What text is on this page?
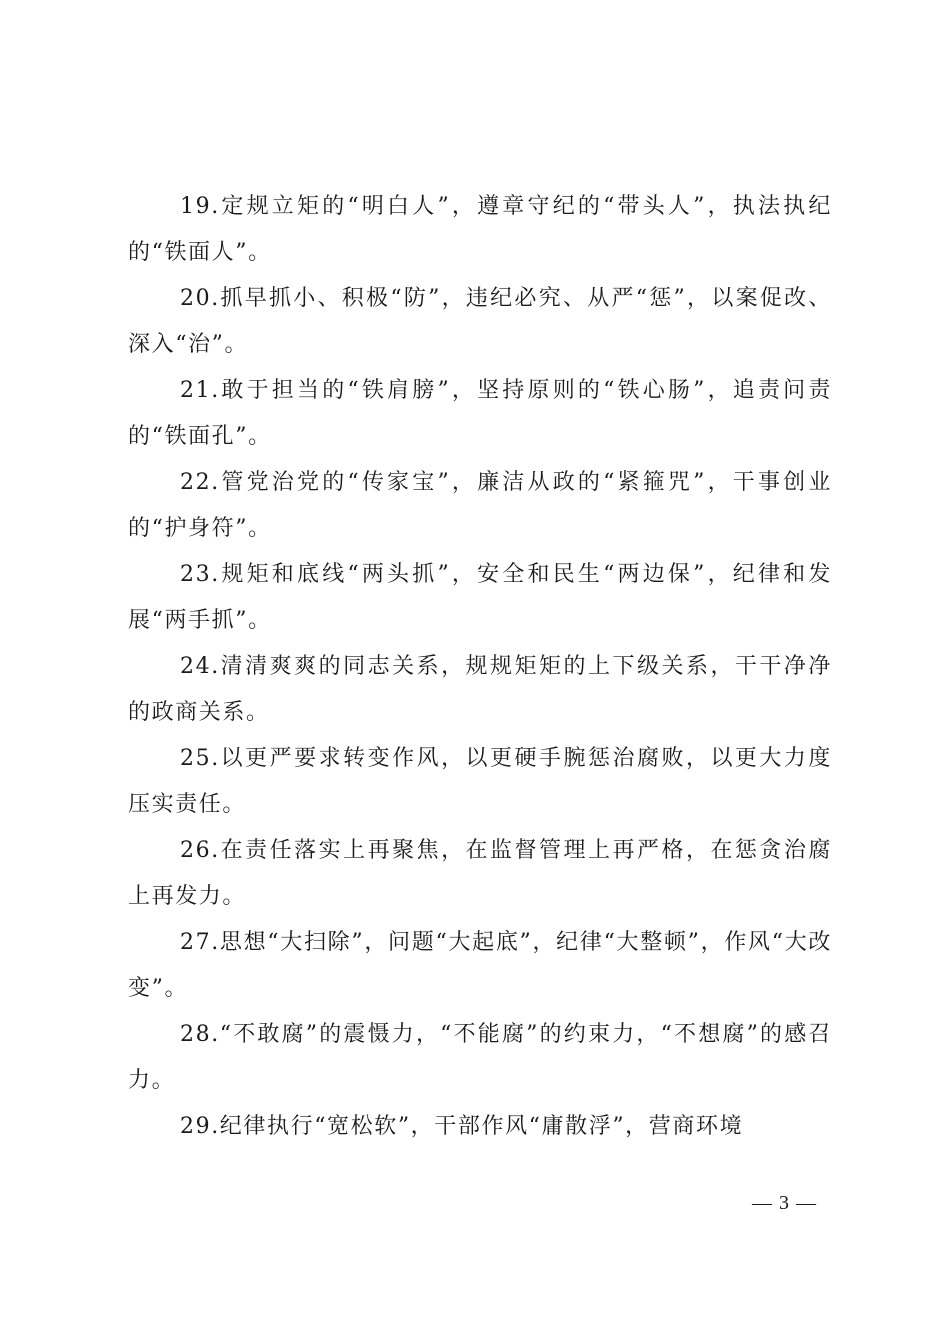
19.定规立矩的“明白人”，遵章守纪的“带头人”，执法执纪的“铁面人”。

20.抓早抓小、积极“防”，违纪必究、从严“惩”，以案促改、深入“治”。

21.敢于担当的“铁肩膀”，坚持原则的“铁心肠”，追责问责的“铁面孔”。

22.管党治党的“传家宝”，廉洁从政的“紧箍咒”，干事创业的“护身符”。

23.规矩和底线“两头抓”，安全和民生“两边保”，纪律和发展“两手抓”。

24.清清爽爽的同志关系，规规矩矩的上下级关系，干干净净的政商关系。

25.以更严要求转变作风，以更硬手腕惩治腐败，以更大力度压实责任。

26.在责任落实上再聚焦，在监督管理上再严格，在惩贪治腐上再发力。

27.思想“大扫除”，问题“大起底”，纪律“大整顿”，作风“大改变”。

28.“不敢腐”的震慑力，“不能腐”的约束力，“不想腐”的感召力。

29.纪律执行“宽松软”，干部作风“庸散浮”，营商环境

— 3 —
